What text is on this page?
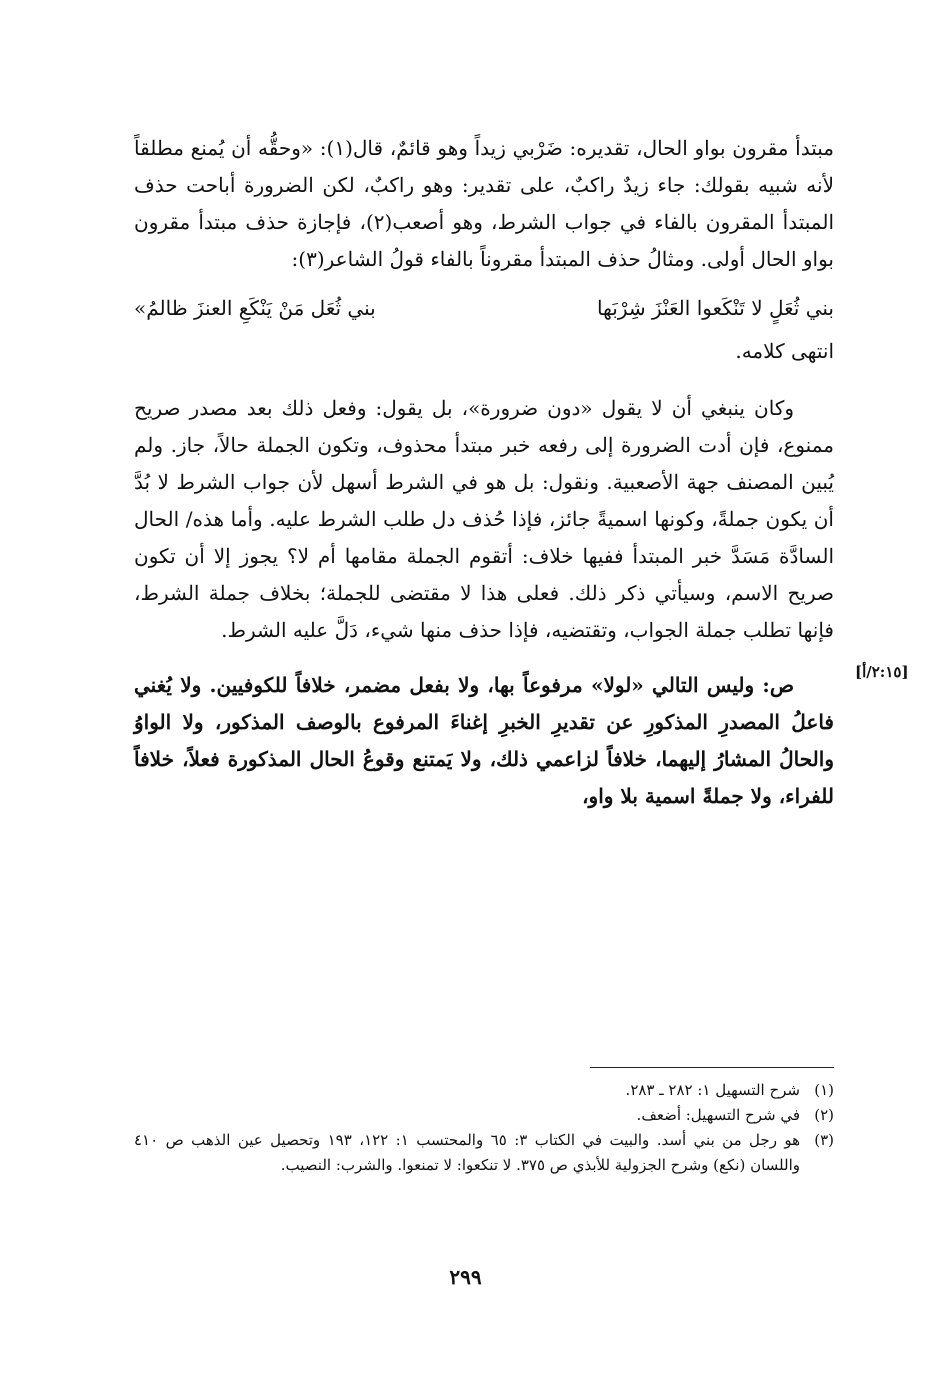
مبتدأ مقرون بواو الحال، تقديره: ضَرْبي زيداً وهو قائمٌ، قال(١): «وحقُّه أن يُمنع مطلقاً لأنه شبيه بقولك: جاء زيدٌ راكبٌ، على تقدير: وهو راكبٌ، لكن الضرورة أباحت حذف المبتدأ المقرون بالفاء في جواب الشرط، وهو أصعب(٢)، فإجازة حذف مبتدأ مقرون بواو الحال أولى. ومثالُ حذف المبتدأ مقروناً بالفاء قولُ الشاعر(٣):

بني ثُعَلٍ لا تَنْكَعوا العَنْزَ شِرْبَها
بني ثُعَل مَنْ يَنْكَعِ العنزَ ظالمُ»

انتهى كلامه.

وكان ينبغي أن لا يقول «دون ضرورة»، بل يقول: وفعل ذلك بعد مصدر صريح ممنوع، فإن أدت الضرورة إلى رفعه خبر مبتدأ محذوف، وتكون الجملة حالاً، جاز. ولم يُبين المصنف جهة الأصعبية. ونقول: بل هو في الشرط أسهل لأن جواب الشرط لا بُدَّ أن يكون جملةً، وكونها اسميةً جائز، فإذا حُذف دل طلب الشرط عليه. وأما هذه/ الحال السادَّة مَسَدَّ خبر المبتدأ ففيها خلاف: أتقوم الجملة مقامها أم لا؟ يجوز إلا أن تكون صريح الاسم، وسيأتي ذكر ذلك. فعلى هذا لا مقتضى للجملة؛ بخلاف جملة الشرط، فإنها تطلب جملة الجواب، وتقتضيه، فإذا حذف منها شيء، دَلَّ عليه الشرط.

ص: وليس التالي «لولا» مرفوعاً بها، ولا بفعل مضمر، خلافاً للكوفيين. ولا يُغني فاعلُ المصدرِ المذكورِ عن تقديرِ الخبرِ إغناءَ المرفوع بالوصف المذكور، ولا الواوُ والحالُ المشارُ إليهما، خلافاً لزاعمي ذلك، ولا يَمتنع وقوعُ الحال المذكورة فعلاً، خلافاً للفراء، ولا جملةً اسمية بلا واو،

[٢:١٥/أ]
(١)
شرح التسهيل ١: ٢٨٢ ـ ٢٨٣.
(٢)
في شرح التسهيل: أضعف.
(٣)
هو رجل من بني أسد. والبيت في الكتاب ٣: ٦٥ والمحتسب ١: ١٢٢، ١٩٣ وتحصيل عين الذهب ص ٤١٠ واللسان (نكع) وشرح الجزولية للأبذي ص ٣٧٥. لا تنكعوا: لا تمنعوا. والشرب: النصيب.
٢٩٩
